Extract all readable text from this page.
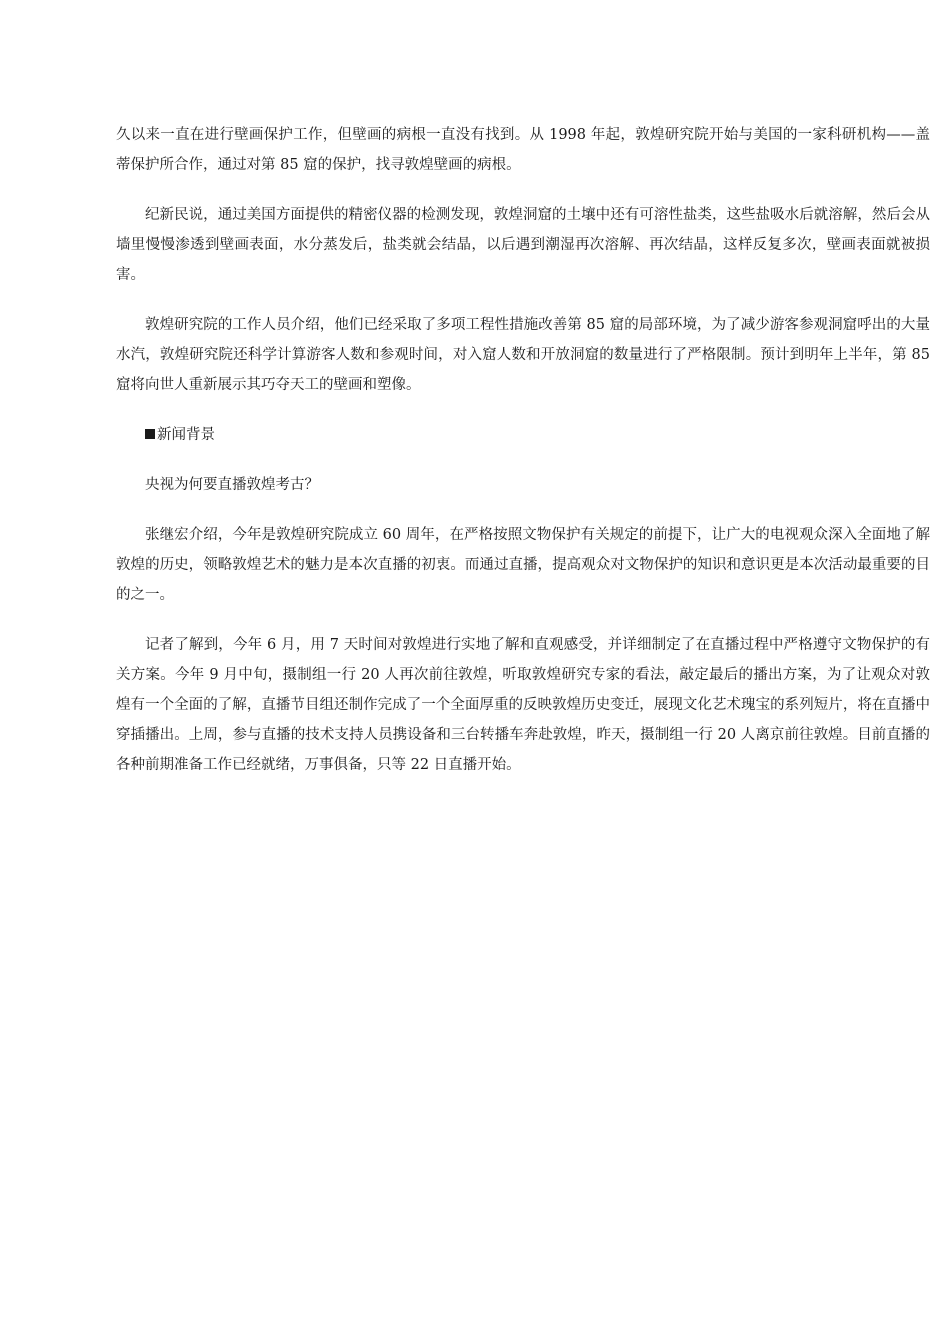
久以来一直在进行壁画保护工作，但壁画的病根一直没有找到。从 1998 年起，敦煌研究院开始与美国的一家科研机构——盖蒂保护所合作，通过对第 85 窟的保护，找寻敦煌壁画的病根。

纪新民说，通过美国方面提供的精密仪器的检测发现，敦煌洞窟的土壤中还有可溶性盐类，这些盐吸水后就溶解，然后会从墙里慢慢渗透到壁画表面，水分蒸发后，盐类就会结晶，以后遇到潮湿再次溶解、再次结晶，这样反复多次，壁画表面就被损害。

敦煌研究院的工作人员介绍，他们已经采取了多项工程性措施改善第 85 窟的局部环境，为了减少游客参观洞窟呼出的大量水汽，敦煌研究院还科学计算游客人数和参观时间，对入窟人数和开放洞窟的数量进行了严格限制。预计到明年上半年，第 85 窟将向世人重新展示其巧夺天工的壁画和塑像。

新闻背景

央视为何要直播敦煌考古？

张继宏介绍，今年是敦煌研究院成立 60 周年，在严格按照文物保护有关规定的前提下，让广大的电视观众深入全面地了解敦煌的历史，领略敦煌艺术的魅力是本次直播的初衷。而通过直播，提高观众对文物保护的知识和意识更是本次活动最重要的目的之一。

记者了解到，今年 6 月，用 7 天时间对敦煌进行实地了解和直观感受，并详细制定了在直播过程中严格遵守文物保护的有关方案。今年 9 月中旬，摄制组一行 20 人再次前往敦煌，听取敦煌研究专家的看法，敲定最后的播出方案，为了让观众对敦煌有一个全面的了解，直播节目组还制作完成了一个全面厚重的反映敦煌历史变迁，展现文化艺术瑰宝的系列短片，将在直播中穿插播出。上周，参与直播的技术支持人员携设备和三台转播车奔赴敦煌，昨天，摄制组一行 20 人离京前往敦煌。目前直播的各种前期准备工作已经就绪，万事俱备，只等 22 日直播开始。
